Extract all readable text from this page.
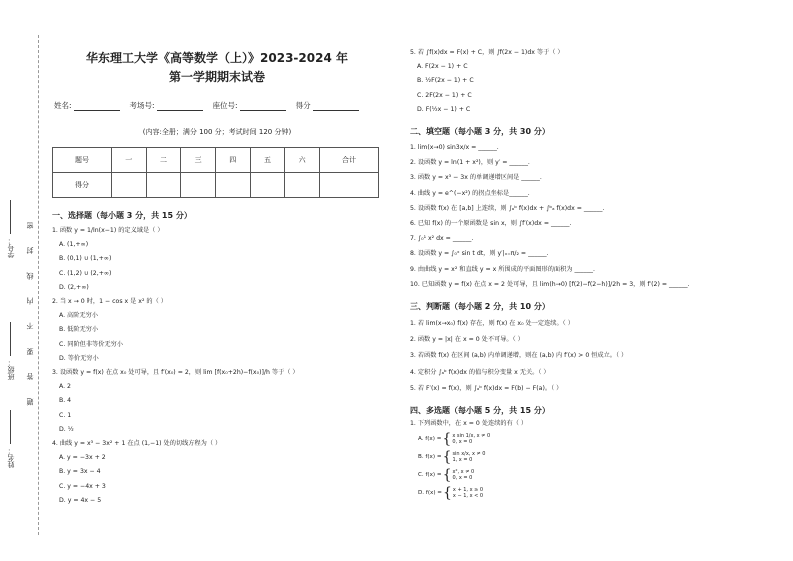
学号：
班级：
姓名：
题 答 要 不 内 线 封 密
华东理工大学《高等数学（上）》2023-2024 年
第一学期期末试卷
姓名:	考场号:	座位号:	得分
(内容:全册；满分 100 分；考试时间 120 分钟)
题号	一	二	三	四	五	六	合计
得分							
一、选择题（每小题 3 分，共 15 分）
1. 函数 y = 1/ln(x−1) 的定义域是（ ）
A. (1,+∞)
B. (0,1) ∪ (1,+∞)
C. (1,2) ∪ (2,+∞)
D. (2,+∞)
2. 当 x → 0 时，1 − cos x 是 x² 的（ ）
A. 高阶无穷小
B. 低阶无穷小
C. 同阶但非等价无穷小
D. 等价无穷小
3. 设函数 y = f(x) 在点 x₀ 处可导，且 f′(x₀) = 2，则 lim [f(x₀+2h)−f(x₀)]/h 等于（ ）
A. 2
B. 4
C. 1
D. ½
4. 曲线 y = x³ − 3x² + 1 在点 (1,−1) 处的切线方程为（ ）
A. y = −3x + 2
B. y = 3x − 4
C. y = −4x + 3
D. y = 4x − 5
5. 若 ∫f(x)dx = F(x) + C，则 ∫f(2x − 1)dx 等于（ ）
A. F(2x − 1) + C
B. ½F(2x − 1) + C
C. 2F(2x − 1) + C
D. F(½x − 1) + C
二、填空题（每小题 3 分，共 30 分）
1. lim(x→0) sin3x/x = ______.
2. 设函数 y = ln(1 + x²)，则 y′ = ______.
3. 函数 y = x³ − 3x 的单调递增区间是 ______.
4. 曲线 y = e^(−x²) 的拐点坐标是______.
5. 设函数 f(x) 在 [a,b] 上连续，则 ∫ₐᵇ f(x)dx + ∫ᵇₐ f(x)dx = ______.
6. 已知 f(x) 的一个原函数是 sin x，则 ∫f′(x)dx = ______.
7. ∫₀¹ x² dx = ______.
8. 设函数 y = ∫₀ˣ sin t dt，则 y′|ₓ₌π/₂ = ______.
9. 由曲线 y = x² 和直线 y = x 所围成的平面图形的面积为 ______.
10. 已知函数 y = f(x) 在点 x = 2 处可导，且 lim(h→0) [f(2)−f(2−h)]/2h = 3，则 f′(2) = ______.
三、判断题（每小题 2 分，共 10 分）
1. 若 lim(x→x₀) f(x) 存在，则 f(x) 在 x₀ 处一定连续。（ ）
2. 函数 y = |x| 在 x = 0 处不可导。（ ）
3. 若函数 f(x) 在区间 (a,b) 内单调递增，则在 (a,b) 内 f′(x) > 0 恒成立。（ ）
4. 定积分 ∫ₐᵇ f(x)dx 的值与积分变量 x 无关。（ ）
5. 若 F′(x) = f(x)，则 ∫ₐᵇ f(x)dx = F(b) − F(a)。（ ）
四、多选题（每小题 5 分，共 15 分）
1. 下列函数中，在 x = 0 处连续的有（ ）
A. f(x) = { x sin 1/x, x ≠ 0
0, x = 0
B. f(x) = { sin x/x, x ≠ 0
1, x = 0
C. f(x) = { x², x ≠ 0
0, x = 0
D. f(x) = { x + 1, x ≥ 0
x − 1, x < 0
